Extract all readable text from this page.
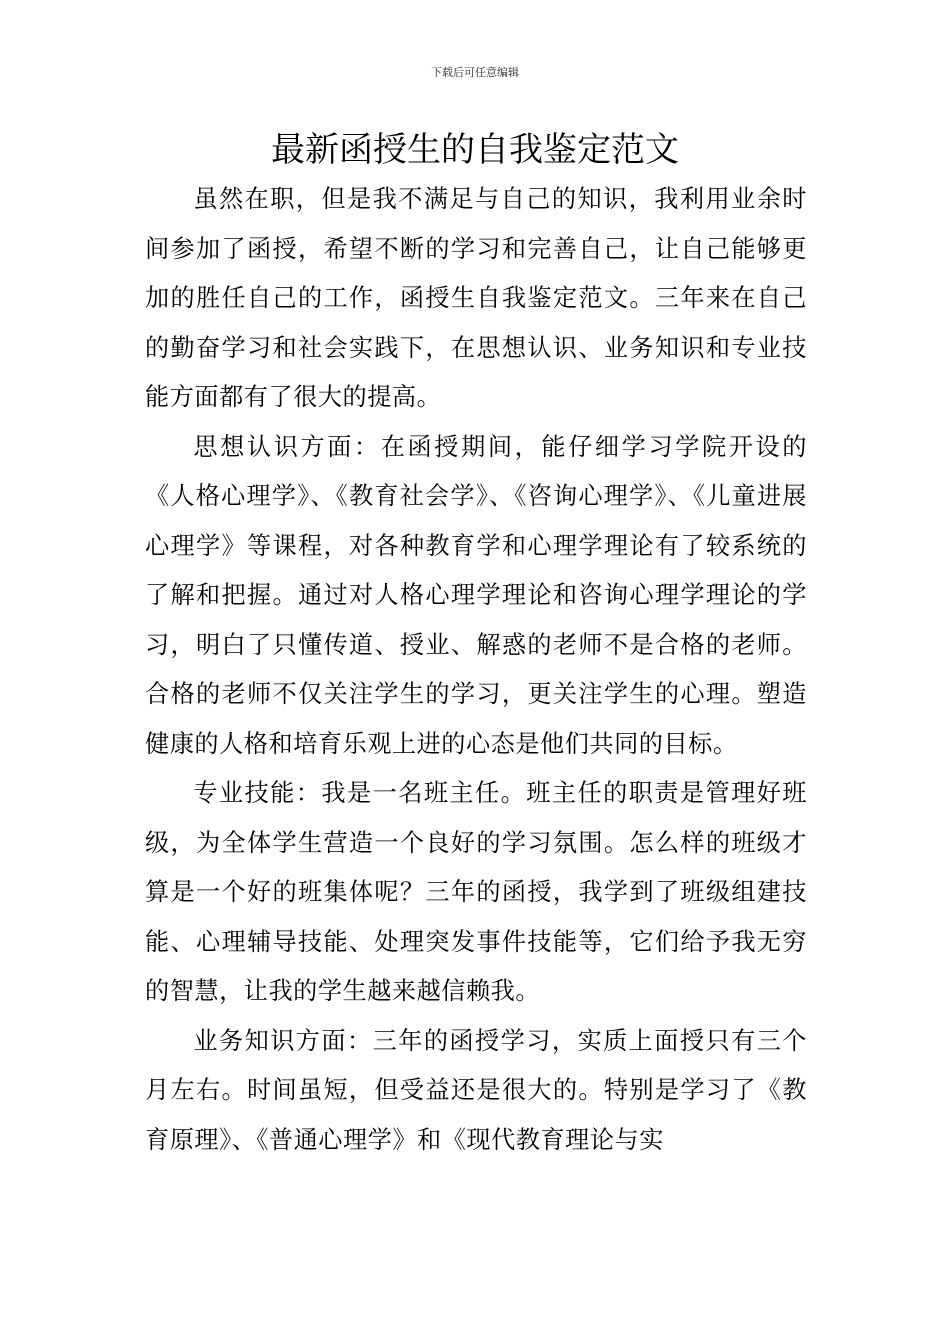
下载后可任意编辑
最新函授生的自我鉴定范文

虽然在职，但是我不满足与自己的知识，我利用业余时间参加了函授，希望不断的学习和完善自己，让自己能够更加的胜任自己的工作，函授生自我鉴定范文。三年来在自己的勤奋学习和社会实践下，在思想认识、业务知识和专业技能方面都有了很大的提高。

思想认识方面：在函授期间，能仔细学习学院开设的《人格心理学》、《教育社会学》、《咨询心理学》、《儿童进展心理学》等课程，对各种教育学和心理学理论有了较系统的了解和把握。通过对人格心理学理论和咨询心理学理论的学习，明白了只懂传道、授业、解惑的老师不是合格的老师。合格的老师不仅关注学生的学习，更关注学生的心理。塑造健康的人格和培育乐观上进的心态是他们共同的目标。

专业技能：我是一名班主任。班主任的职责是管理好班级，为全体学生营造一个良好的学习氛围。怎么样的班级才算是一个好的班集体呢？三年的函授，我学到了班级组建技能、心理辅导技能、处理突发事件技能等，它们给予我无穷的智慧，让我的学生越来越信赖我。

业务知识方面：三年的函授学习，实质上面授只有三个月左右。时间虽短，但受益还是很大的。特别是学习了《教育原理》、《普通心理学》和《现代教育理论与实
